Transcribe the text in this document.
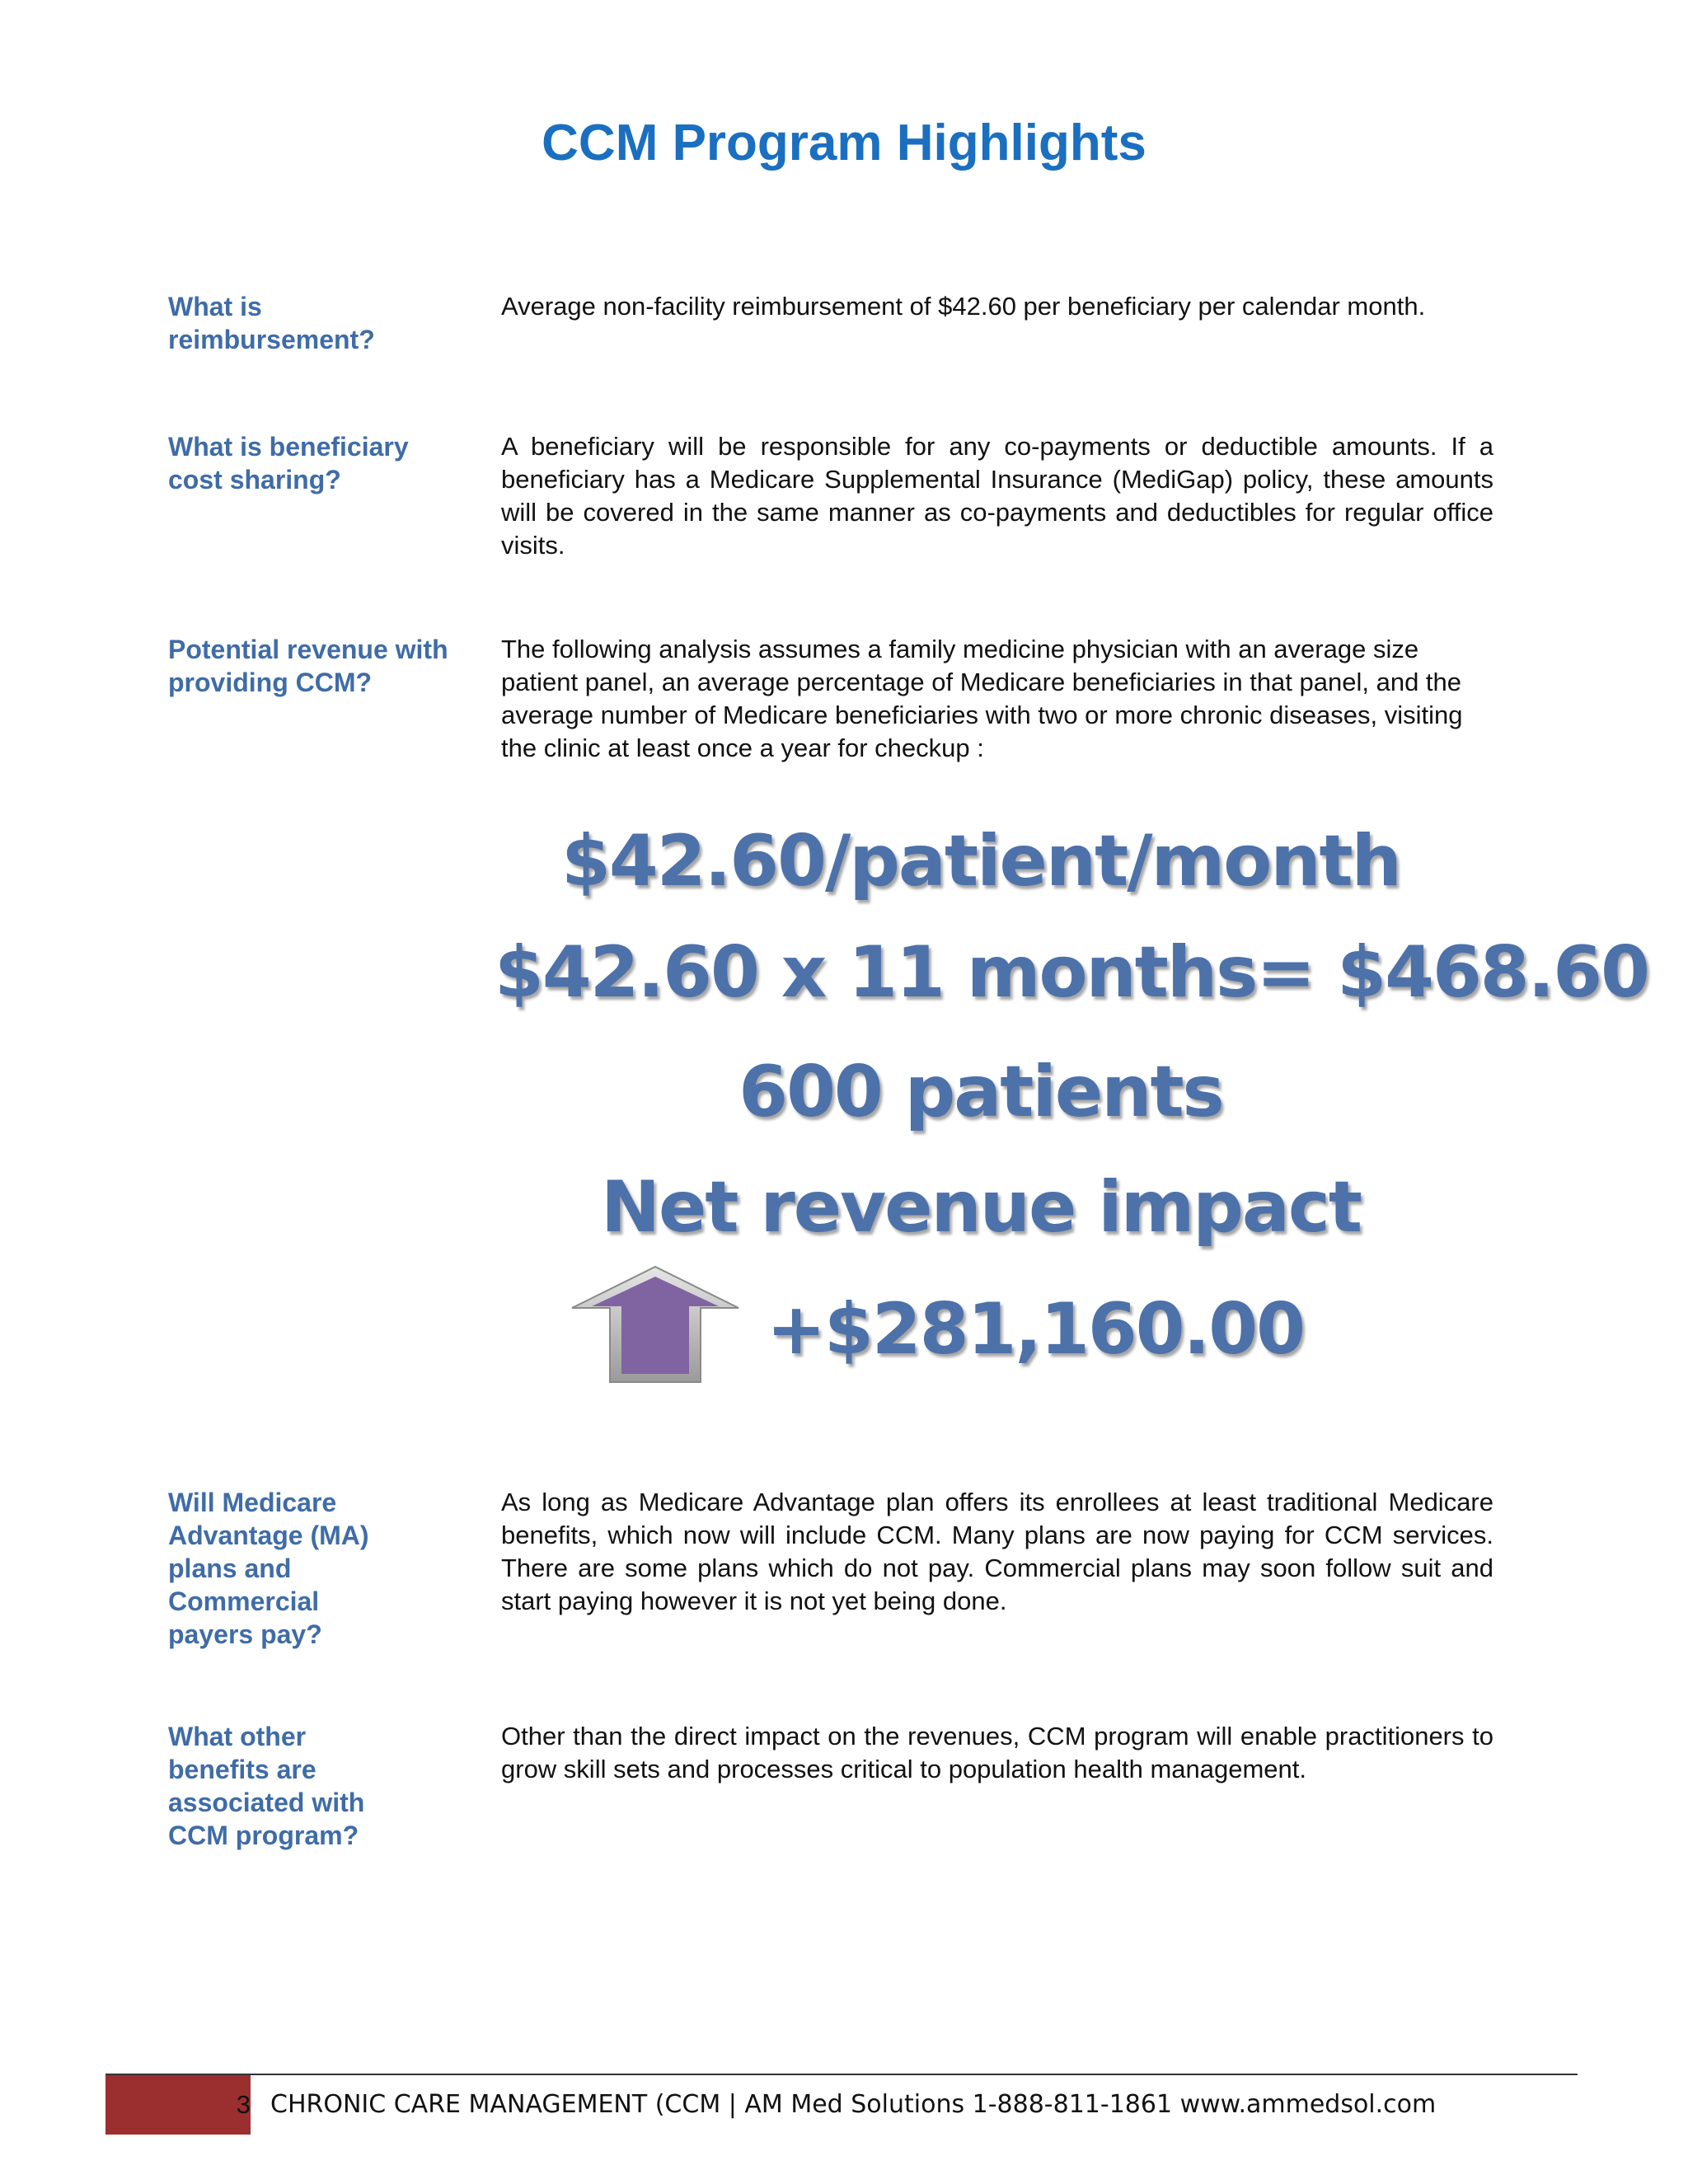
CCM Program Highlights
What is reimbursement?
Average non-facility reimbursement of $42.60 per beneficiary per calendar month.
What is beneficiary cost sharing?
A beneficiary will be responsible for any co-payments or deductible amounts. If a beneficiary has a Medicare Supplemental Insurance (MediGap) policy, these amounts will be covered in the same manner as co-payments and deductibles for regular office visits.
Potential revenue with providing CCM?
The following analysis assumes a family medicine physician with an average size patient panel, an average percentage of Medicare beneficiaries in that panel, and the average number of Medicare beneficiaries with two or more chronic diseases, visiting the clinic at least once a year for checkup :
$42.60/patient/month
$42.60 x 11 months= $468.60
600 patients
Net revenue impact
+$281,160.00
Will Medicare Advantage (MA) plans and Commercial payers pay?
As long as Medicare Advantage plan offers its enrollees at least traditional Medicare benefits, which now will include CCM. Many plans are now paying for CCM services. There are some plans which do not pay. Commercial plans may soon follow suit and start paying however it is not yet being done.
What other benefits are associated with CCM program?
Other than the direct impact on the revenues, CCM program will enable practitioners to grow skill sets and processes critical to population health management.
3 CHRONIC CARE MANAGEMENT (CCM | AM Med Solutions 1-888-811-1861 www.ammedsol.com
